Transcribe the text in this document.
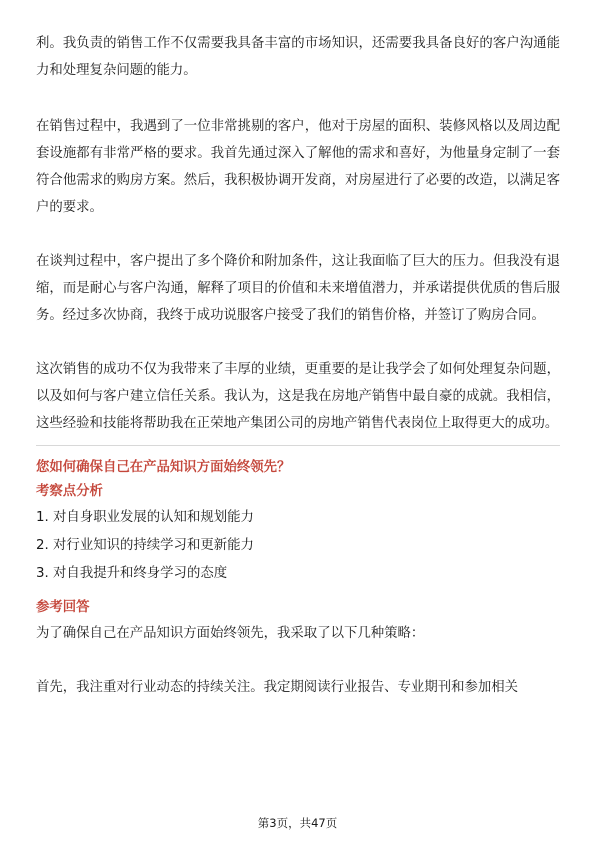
利。我负责的销售工作不仅需要我具备丰富的市场知识，还需要我具备良好的客户沟通能力和处理复杂问题的能力。

在销售过程中，我遇到了一位非常挑剔的客户，他对于房屋的面积、装修风格以及周边配套设施都有非常严格的要求。我首先通过深入了解他的需求和喜好，为他量身定制了一套符合他需求的购房方案。然后，我积极协调开发商，对房屋进行了必要的改造，以满足客户的要求。

在谈判过程中，客户提出了多个降价和附加条件，这让我面临了巨大的压力。但我没有退缩，而是耐心与客户沟通，解释了项目的价值和未来增值潜力，并承诺提供优质的售后服务。经过多次协商，我终于成功说服客户接受了我们的销售价格，并签订了购房合同。

这次销售的成功不仅为我带来了丰厚的业绩，更重要的是让我学会了如何处理复杂问题，以及如何与客户建立信任关系。我认为，这是我在房地产销售中最自豪的成就。我相信，这些经验和技能将帮助我在正荣地产集团公司的房地产销售代表岗位上取得更大的成功。

您如何确保自己在产品知识方面始终领先？

考察点分析

1. 对自身职业发展的认知和规划能力
2. 对行业知识的持续学习和更新能力
3. 对自我提升和终身学习的态度

参考回答

为了确保自己在产品知识方面始终领先，我采取了以下几种策略：

首先，我注重对行业动态的持续关注。我定期阅读行业报告、专业期刊和参加相关

第3页，共47页
